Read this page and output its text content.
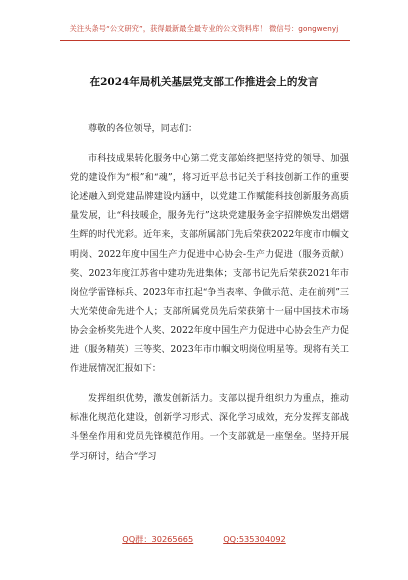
关注头条号“公文研究”，获得最新最全最专业的公文资料库！ 微信号：gongwenyj
在2024年局机关基层党支部工作推进会上的发言

尊敬的各位领导，同志们：

市科技成果转化服务中心第二党支部始终把坚持党的领导、加强党的建设作为“根”和“魂”，将习近平总书记关于科技创新工作的重要论述融入到党建品牌建设内涵中，以党建工作赋能科技创新服务高质量发展，让“科技暖企，服务先行”这块党建服务金字招牌焕发出熠熠生辉的时代光彩。近年来，支部所属部门先后荣获2022年度市巾帼文明岗、2022年度中国生产力促进中心协会-生产力促进（服务贡献）奖、2023年度江苏省中建功先进集体；支部书记先后荣获2021年市岗位学雷锋标兵、2023年市扛起“争当表率、争做示范、走在前列”三大光荣使命先进个人；支部所属党员先后荣获第十一届中国技术市场协会金桥奖先进个人奖、2022年度中国生产力促进中心协会生产力促进（服务精英）三等奖、2023年市巾帼文明岗位明星等。现将有关工作进展情况汇报如下：

发挥组织优势，激发创新活力。支部以提升组织力为重点，推动标准化规范化建设，创新学习形式、深化学习成效，充分发挥支部战斗堡垒作用和党员先锋模范作用。一个支部就是一座堡垒。坚持开展学习研讨，结合“学习

QQ群：30265665	QQ:535304092
